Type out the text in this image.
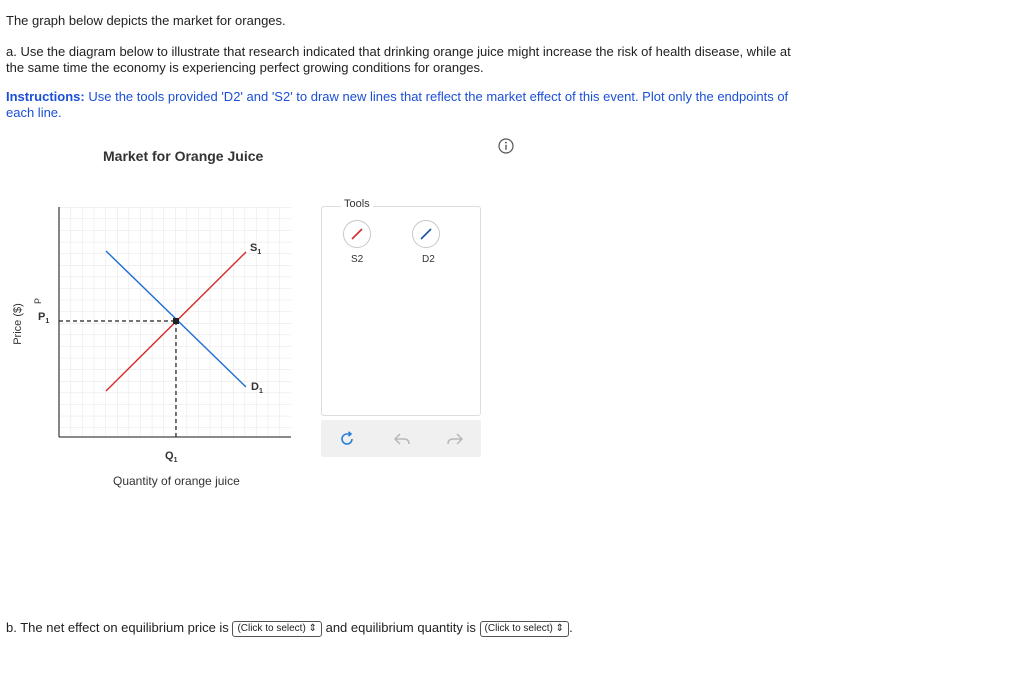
The graph below depicts the market for oranges.
a. Use the diagram below to illustrate that research indicated that drinking orange juice might increase the risk of health disease, while at the same time the economy is experiencing perfect growing conditions for oranges.
Instructions: Use the tools provided 'D2' and 'S2' to draw new lines that reflect the market effect of this event. Plot only the endpoints of each line.
Market for Orange Juice
$S_1$
$D_1$
$P_1$
$Q_1$
Quantity of orange juice
Price ($)
P
Tools
S2	D2
b. The net effect on equilibrium price is (Click to select) ⇕ and equilibrium quantity is (Click to select) ⇕ .
